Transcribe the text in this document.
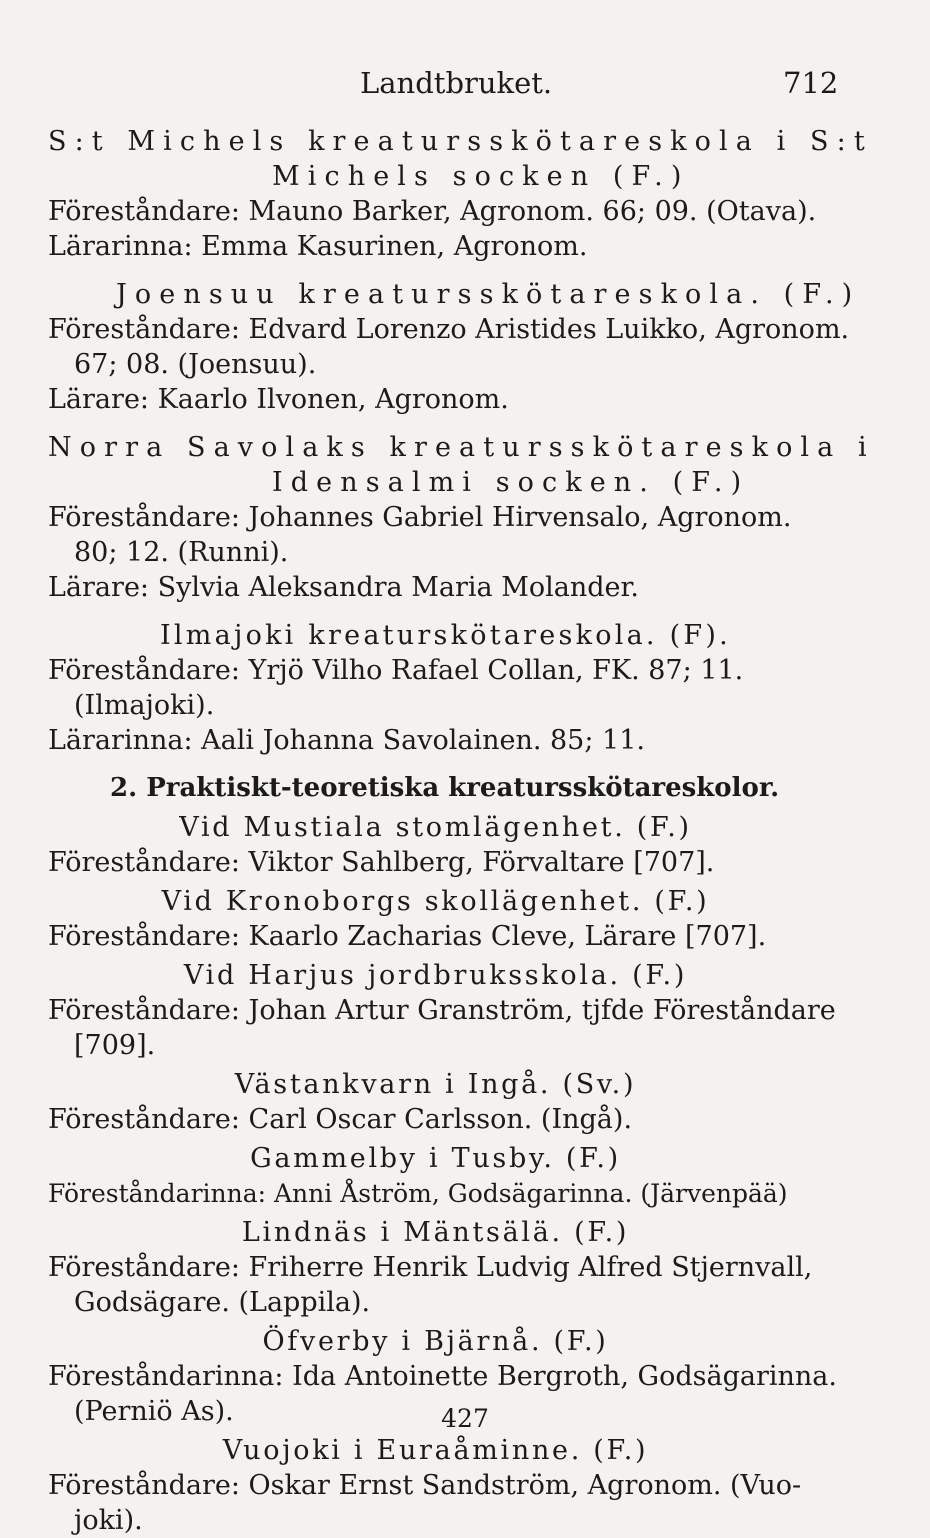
Landtbruket.	712
S:t Michels kreatursskötareskola i S:t
Michels socken (F.)
Föreståndare: Mauno Barker, Agronom. 66; 09. (Otava).
Lärarinna: Emma Kasurinen, Agronom.
Joensuu kreatursskötareskola. (F.)
Föreståndare: Edvard Lorenzo Aristides Luikko, Agronom.
67; 08. (Joensuu).
Lärare: Kaarlo Ilvonen, Agronom.
Norra Savolaks kreatursskötareskola i
Idensalmi socken. (F.)
Föreståndare: Johannes Gabriel Hirvensalo, Agronom.
80; 12. (Runni).
Lärare: Sylvia Aleksandra Maria Molander.
Ilmajoki kreaturskötareskola. (F).
Föreståndare: Yrjö Vilho Rafael Collan, FK. 87; 11.
(Ilmajoki).
Lärarinna: Aali Johanna Savolainen. 85; 11.
2. Praktiskt-teoretiska kreatursskötareskolor.
Vid Mustiala stomlägenhet. (F.)
Föreståndare: Viktor Sahlberg, Förvaltare [707].
Vid Kronoborgs skollägenhet. (F.)
Föreståndare: Kaarlo Zacharias Cleve, Lärare [707].
Vid Harjus jordbruksskola. (F.)
Föreståndare: Johan Artur Granström, tjfde Föreståndare
[709].
Västankvarn i Ingå. (Sv.)
Föreståndare: Carl Oscar Carlsson. (Ingå).
Gammelby i Tusby. (F.)
Föreståndarinna: Anni Åström, Godsägarinna. (Järvenpää)
Lindnäs i Mäntsälä. (F.)
Föreståndare: Friherre Henrik Ludvig Alfred Stjernvall,
Godsägare. (Lappila).
Öfverby i Bjärnå. (F.)
Föreståndarinna: Ida Antoinette Bergroth, Godsägarinna.
(Perniö As).
Vuojoki i Euraåminne. (F.)
Föreståndare: Oskar Ernst Sandström, Agronom. (Vuo-
joki).
427
